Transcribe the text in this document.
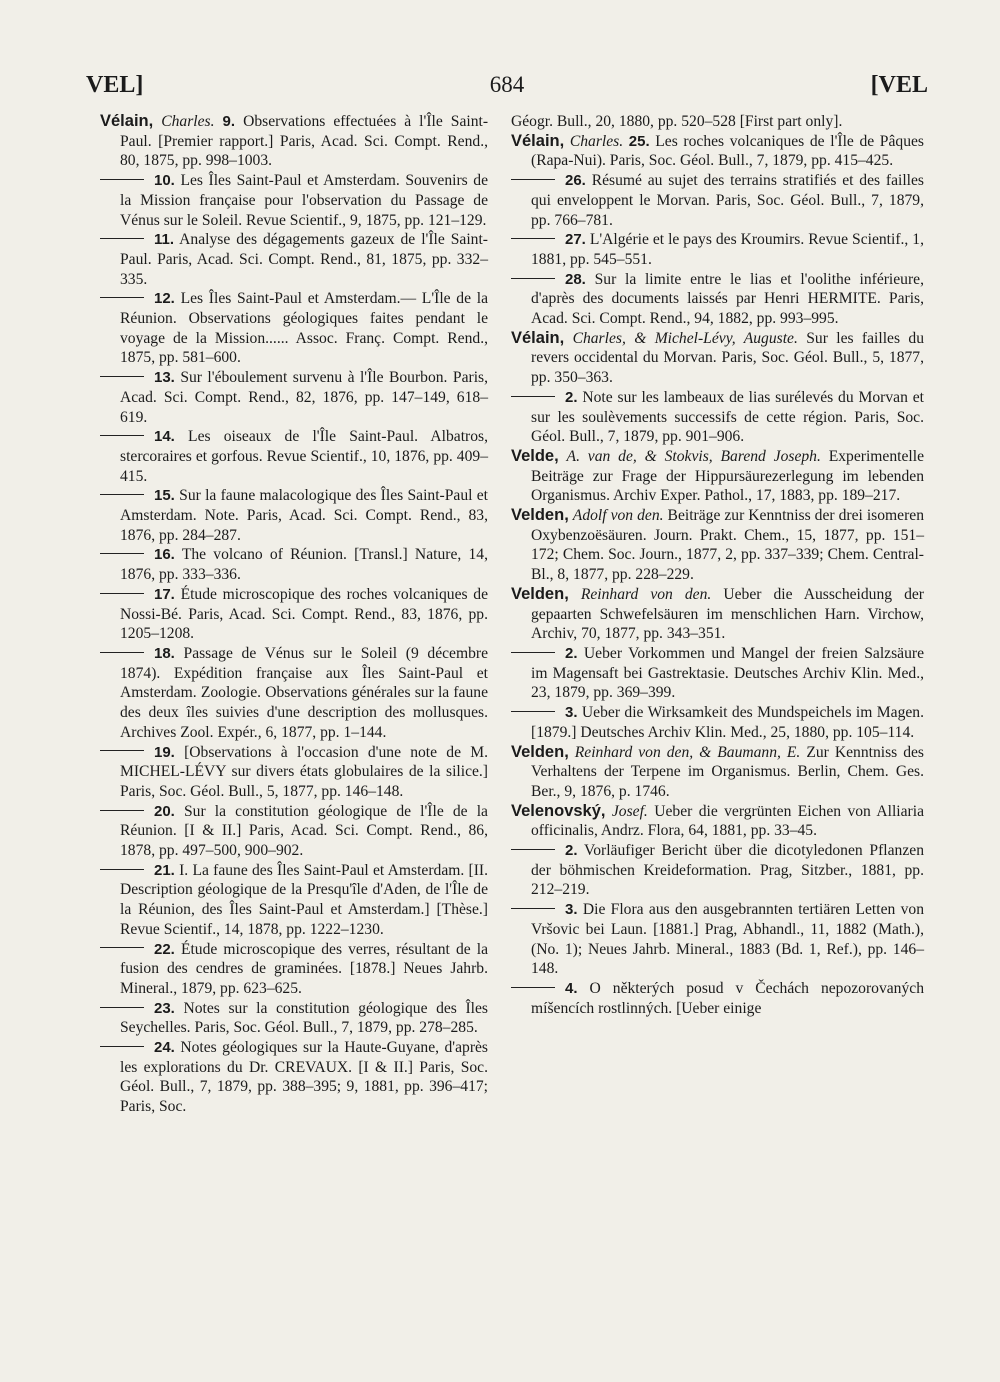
VEL]	684	[VEL

Vélain, Charles. 9. Observations effectuées à l'Île Saint-Paul. [Premier rapport.] Paris, Acad. Sci. Compt. Rend., 80, 1875, pp. 998–1003.

10. Les Îles Saint-Paul et Amsterdam. Souvenirs de la Mission française pour l'observation du Passage de Vénus sur le Soleil. Revue Scientif., 9, 1875, pp. 121–129.

11. Analyse des dégagements gazeux de l'Île Saint-Paul. Paris, Acad. Sci. Compt. Rend., 81, 1875, pp. 332–335.

12. Les Îles Saint-Paul et Amsterdam.— L'Île de la Réunion. Observations géologiques faites pendant le voyage de la Mission...... Assoc. Franç. Compt. Rend., 1875, pp. 581–600.

13. Sur l'éboulement survenu à l'Île Bourbon. Paris, Acad. Sci. Compt. Rend., 82, 1876, pp. 147–149, 618–619.

14. Les oiseaux de l'Île Saint-Paul. Albatros, stercoraires et gorfous. Revue Scientif., 10, 1876, pp. 409–415.

15. Sur la faune malacologique des Îles Saint-Paul et Amsterdam. Note. Paris, Acad. Sci. Compt. Rend., 83, 1876, pp. 284–287.

16. The volcano of Réunion. [Transl.] Nature, 14, 1876, pp. 333–336.

17. Étude microscopique des roches volcaniques de Nossi-Bé. Paris, Acad. Sci. Compt. Rend., 83, 1876, pp. 1205–1208.

18. Passage de Vénus sur le Soleil (9 décembre 1874). Expédition française aux Îles Saint-Paul et Amsterdam. Zoologie. Observations générales sur la faune des deux îles suivies d'une description des mollusques. Archives Zool. Expér., 6, 1877, pp. 1–144.

19. [Observations à l'occasion d'une note de M. MICHEL-LÉVY sur divers états globulaires de la silice.] Paris, Soc. Géol. Bull., 5, 1877, pp. 146–148.

20. Sur la constitution géologique de l'Île de la Réunion. [I & II.] Paris, Acad. Sci. Compt. Rend., 86, 1878, pp. 497–500, 900–902.

21. I. La faune des Îles Saint-Paul et Amsterdam. [II. Description géologique de la Presqu'île d'Aden, de l'Île de la Réunion, des Îles Saint-Paul et Amsterdam.] [Thèse.] Revue Scientif., 14, 1878, pp. 1222–1230.

22. Étude microscopique des verres, résultant de la fusion des cendres de graminées. [1878.] Neues Jahrb. Mineral., 1879, pp. 623–625.

23. Notes sur la constitution géologique des Îles Seychelles. Paris, Soc. Géol. Bull., 7, 1879, pp. 278–285.

24. Notes géologiques sur la Haute-Guyane, d'après les explorations du Dr. CREVAUX. [I & II.] Paris, Soc. Géol. Bull., 7, 1879, pp. 388–395; 9, 1881, pp. 396–417; Paris, Soc.

Géogr. Bull., 20, 1880, pp. 520–528 [First part only].

Vélain, Charles. 25. Les roches volcaniques de l'Île de Pâques (Rapa-Nui). Paris, Soc. Géol. Bull., 7, 1879, pp. 415–425.

26. Résumé au sujet des terrains stratifiés et des failles qui enveloppent le Morvan. Paris, Soc. Géol. Bull., 7, 1879, pp. 766–781.

27. L'Algérie et le pays des Kroumirs. Revue Scientif., 1, 1881, pp. 545–551.

28. Sur la limite entre le lias et l'oolithe inférieure, d'après des documents laissés par Henri HERMITE. Paris, Acad. Sci. Compt. Rend., 94, 1882, pp. 993–995.

Vélain, Charles, & Michel-Lévy, Auguste. Sur les failles du revers occidental du Morvan. Paris, Soc. Géol. Bull., 5, 1877, pp. 350–363.

2. Note sur les lambeaux de lias surélevés du Morvan et sur les soulèvements successifs de cette région. Paris, Soc. Géol. Bull., 7, 1879, pp. 901–906.

Velde, A. van de, & Stokvis, Barend Joseph. Experimentelle Beiträge zur Frage der Hippursäurezerlegung im lebenden Organismus. Archiv Exper. Pathol., 17, 1883, pp. 189–217.

Velden, Adolf von den. Beiträge zur Kenntniss der drei isomeren Oxybenzoësäuren. Journ. Prakt. Chem., 15, 1877, pp. 151–172; Chem. Soc. Journ., 1877, 2, pp. 337–339; Chem. Central-Bl., 8, 1877, pp. 228–229.

Velden, Reinhard von den. Ueber die Ausscheidung der gepaarten Schwefelsäuren im menschlichen Harn. Virchow, Archiv, 70, 1877, pp. 343–351.

2. Ueber Vorkommen und Mangel der freien Salzsäure im Magensaft bei Gastrektasie. Deutsches Archiv Klin. Med., 23, 1879, pp. 369–399.

3. Ueber die Wirksamkeit des Mundspeichels im Magen. [1879.] Deutsches Archiv Klin. Med., 25, 1880, pp. 105–114.

Velden, Reinhard von den, & Baumann, E. Zur Kenntniss des Verhaltens der Terpene im Organismus. Berlin, Chem. Ges. Ber., 9, 1876, p. 1746.

Velenovský, Josef. Ueber die vergrünten Eichen von Alliaria officinalis, Andrz. Flora, 64, 1881, pp. 33–45.

2. Vorläufiger Bericht über die dicotyledonen Pflanzen der böhmischen Kreideformation. Prag, Sitzber., 1881, pp. 212–219.

3. Die Flora aus den ausgebrannten tertiären Letten von Vršovic bei Laun. [1881.] Prag, Abhandl., 11, 1882 (Math.), (No. 1); Neues Jahrb. Mineral., 1883 (Bd. 1, Ref.), pp. 146–148.

4. O některých posud v Čechách nepozorovaných míšencích rostlinných. [Ueber einige
